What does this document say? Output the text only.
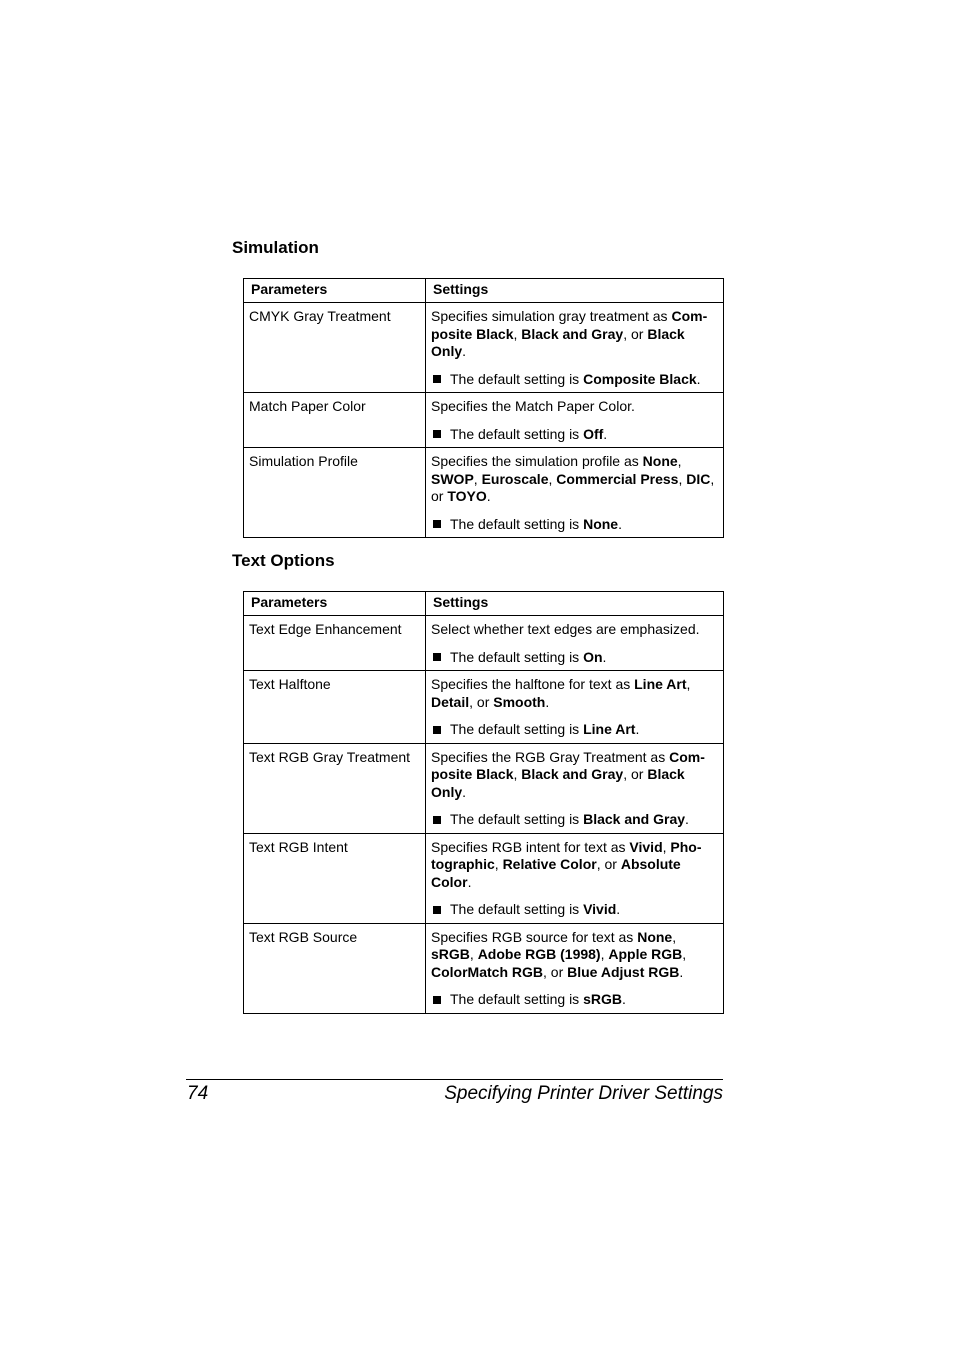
Simulation
Parameters	Settings
CMYK Gray Treatment	Specifies simulation gray treatment as Com-posite Black, Black and Gray, or Black Only.

The default setting is Composite Black.

Match Paper Color	Specifies the Match Paper Color.

The default setting is Off.

Simulation Profile	Specifies the simulation profile as None, SWOP, Euroscale, Commercial Press, DIC, or TOYO.

The default setting is None.

Text Options
Parameters	Settings
Text Edge Enhancement	Select whether text edges are emphasized.

The default setting is On.

Text Halftone	Specifies the halftone for text as Line Art, Detail, or Smooth.

The default setting is Line Art.

Text RGB Gray Treatment	Specifies the RGB Gray Treatment as Com-posite Black, Black and Gray, or Black Only.

The default setting is Black and Gray.

Text RGB Intent	Specifies RGB intent for text as Vivid, Pho-tographic, Relative Color, or Absolute Color.

The default setting is Vivid.

Text RGB Source	Specifies RGB source for text as None, sRGB, Adobe RGB (1998), Apple RGB, ColorMatch RGB, or Blue Adjust RGB.

The default setting is sRGB.

74	Specifying Printer Driver Settings
